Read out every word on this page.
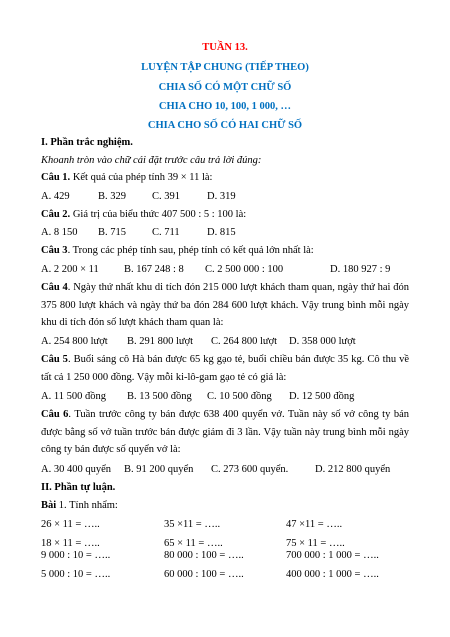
TUẦN 13.
LUYỆN TẬP CHUNG (TIẾP THEO)
CHIA SỐ CÓ MỘT CHỮ SỐ
CHIA CHO 10, 100, 1 000, …
CHIA CHO SỐ CÓ HAI CHỮ SỐ
I. Phần trắc nghiệm.
Khoanh tròn vào chữ cái đặt trước câu trả lời đúng:
Câu 1. Kết quả của phép tính 39 × 11 là:
A. 429	B. 329 C. 391	D. 319
Câu 2. Giá trị của biểu thức 407 500 : 5 : 100 là:
A. 8 150 B. 715 C. 711	D. 815
Câu 3. Trong các phép tính sau, phép tính có kết quả lớn nhất là:
A. 2 200 × 11 B. 167 248 : 8 C. 2 500 000 : 100	D. 180 927 : 9
Câu 4. Ngày thứ nhất khu di tích đón 215 000 lượt khách tham quan, ngày thứ hai đón 375 800 lượt khách và ngày thứ ba đón 284 600 lượt khách. Vậy trung bình mỗi ngày khu di tích đón số lượt khách tham quan là:
A. 254 800 lượt B. 291 800 lượt C. 264 800 lượt D. 358 000 lượt
Câu 5. Buổi sáng cô Hà bán được 65 kg gạo tẻ, buổi chiều bán được 35 kg. Cô thu về tất cả 1 250 000 đồng. Vậy mỗi ki-lô-gam gạo tẻ có giá là:
A. 11 500 đồng B. 13 500 đồng C. 10 500 đồng D. 12 500 đồng
Câu 6. Tuần trước công ty bán được 638 400 quyển vở. Tuần này số vở công ty bán được bằng số vở tuần trước bán được giảm đi 3 lần. Vậy tuần này trung bình mỗi ngày công ty bán được số quyển vở là:
A. 30 400 quyển B. 91 200 quyển C. 273 600 quyển.	D. 212 800 quyển
II. Phần tự luận.
Bài 1. Tính nhẩm:
26 × 11 = …..	35 ×11 = …..	47 ×11 = …..
18 × 11 = …..	65 × 11 = …..	75 × 11 = …..
9 000 : 10 = …..	80 000 : 100 = …..	700 000 : 1 000 = …..
5 000 : 10 = …..	60 000 : 100 = …..	400 000 : 1 000 = …..
